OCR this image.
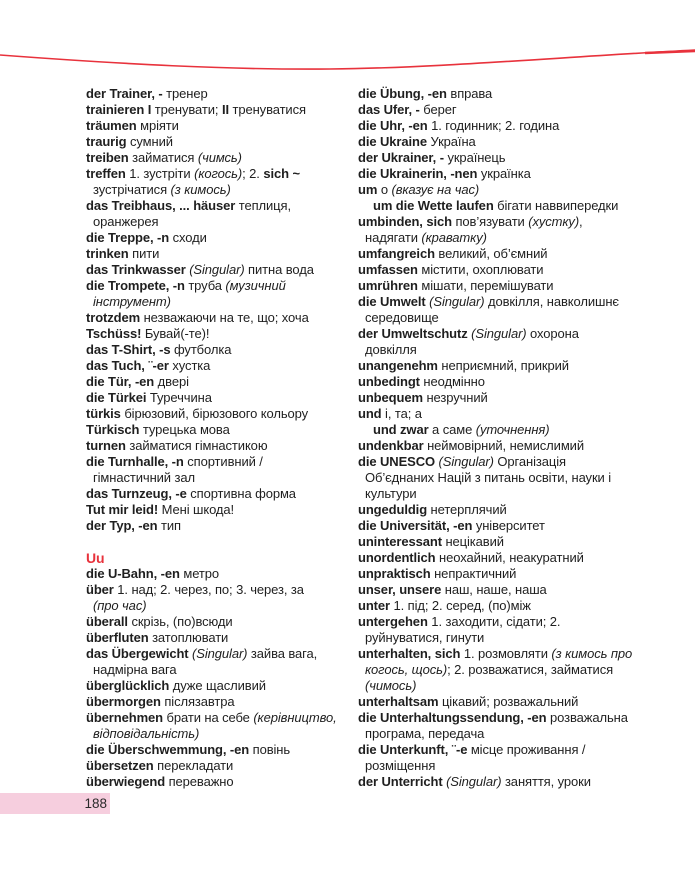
der Trainer, - тренер
trainieren I тренувати; II тренуватися
träumen мріяти
traurig сумний
treiben займатися (чимсь)
treffen 1. зустріти (когось); 2. sich ~
зустрічатися (з кимось)
das Treibhaus, ... häuser теплиця,
оранжерея
die Treppe, -n сходи
trinken пити
das Trinkwasser (Singular) питна вода
die Trompete, -n труба (музичний
інструмент)
trotzdem незважаючи на те, що; хоча
Tschüss! Бувай(-те)!
das T-Shirt, -s футболка
das Tuch, ¨-er хустка
die Tür, -en двері
die Türkei Туреччина
türkis бірюзовий, бірюзового кольору
Türkisch турецька мова
turnen займатися гімнастикою
die Turnhalle, -n спортивний /
гімнастичний зал
das Turnzeug, -e спортивна форма
Tut mir leid! Мені шкода!
der Typ, -en тип
Uu
die U-Bahn, -en метро
über 1. над; 2. через, по; 3. через, за
(про час)
überall скрізь, (по)всюди
überfluten затоплювати
das Übergewicht (Singular) зайва вага,
надмірна вага
überglücklich дуже щасливий
übermorgen післязавтра
übernehmen брати на себе (керівництво,
відповідальність)
die Überschwemmung, -en повінь
übersetzen перекладати
überwiegend переважно
die Übung, -en вправа
das Ufer, - берег
die Uhr, -en 1. годинник; 2. година
die Ukraine Україна
der Ukrainer, - українець
die Ukrainerin, -nen українка
um о (вказує на час)
um die Wette laufen бігати наввипередки
umbinden, sich пов’язувати (хустку),
надягати (краватку)
umfangreich великий, об’ємний
umfassen містити, охоплювати
umrühren мішати, перемішувати
die Umwelt (Singular) довкілля, навколишнє
середовище
der Umweltschutz (Singular) охорона
довкілля
unangenehm неприємний, прикрий
unbedingt неодмінно
unbequem незручний
und і, та; а
und zwar а саме (уточнення)
undenkbar неймовірний, немислимий
die UNESCO (Singular) Організація
Об’єднаних Націй з питань освіти, науки і
культури
ungeduldig нетерплячий
die Universität, -en університет
uninteressant нецікавий
unordentlich неохайний, неакуратний
unpraktisch непрактичний
unser, unsere наш, наше, наша
unter 1. під; 2. серед, (по)між
untergehen 1. заходити, сідати; 2.
руйнуватися, гинути
unterhalten, sich 1. розмовляти (з кимось про
когось, щось); 2. розважатися, займатися
(чимось)
unterhaltsam цікавий; розважальний
die Unterhaltungssendung, -en розважальна
програма, передача
die Unterkunft, ¨-e місце проживання /
розміщення
der Unterricht (Singular) заняття, уроки
188
